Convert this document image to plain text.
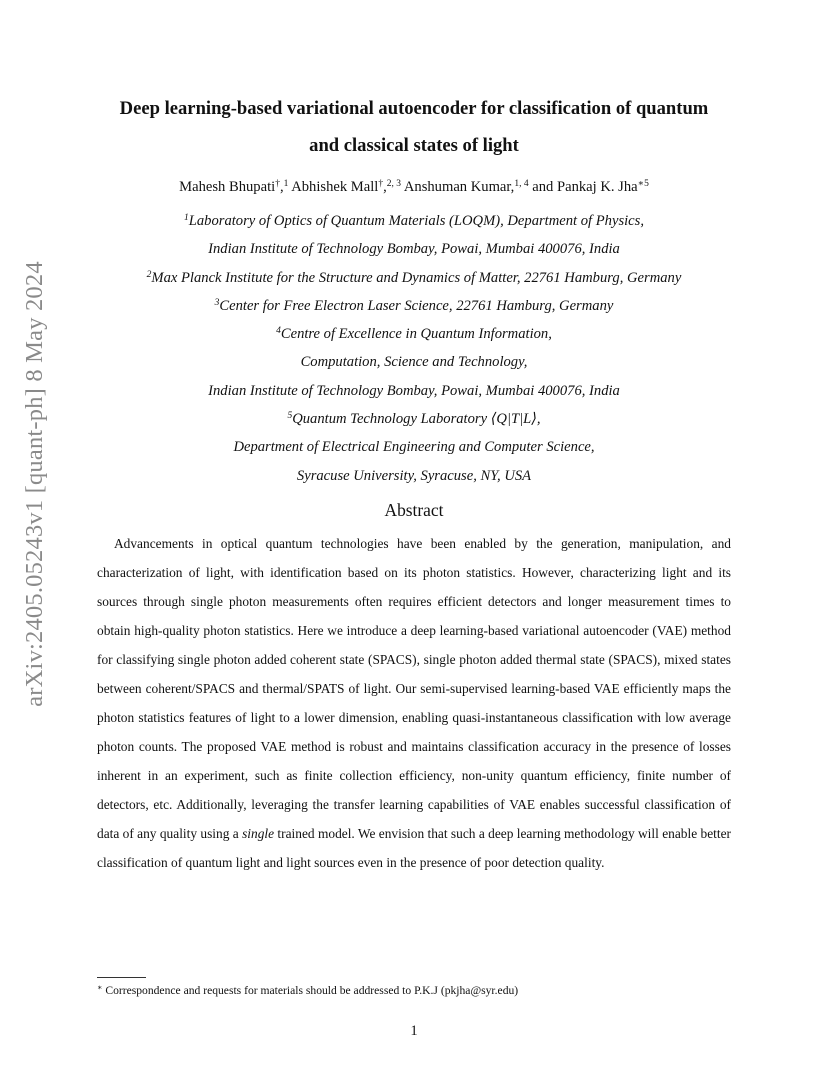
arXiv:2405.05243v1 [quant-ph] 8 May 2024
Deep learning-based variational autoencoder for classification of quantum
and classical states of light
Mahesh Bhupati†,$^1$ Abhishek Mall†,$^{2, 3}$ Anshuman Kumar,$^{1, 4}$ and Pankaj K. Jha$^{∗5}$
$^1$Laboratory of Optics of Quantum Materials (LOQM), Department of Physics,
Indian Institute of Technology Bombay, Powai, Mumbai 400076, India
$^2$Max Planck Institute for the Structure and Dynamics of Matter, 22761 Hamburg, Germany
$^3$Center for Free Electron Laser Science, 22761 Hamburg, Germany
$^4$Centre of Excellence in Quantum Information,
Computation, Science and Technology,
Indian Institute of Technology Bombay, Powai, Mumbai 400076, India
$^5$Quantum Technology Laboratory ⟨Q|T|L⟩,
Department of Electrical Engineering and Computer Science,
Syracuse University, Syracuse, NY, USA
Abstract

Advancements in optical quantum technologies have been enabled by the generation, manipulation, and characterization of light, with identification based on its photon statistics. However, characterizing light and its sources through single photon measurements often requires efficient detectors and longer measurement times to obtain high-quality photon statistics. Here we introduce a deep learning-based variational autoencoder (VAE) method for classifying single photon added coherent state (SPACS), single photon added thermal state (SPACS), mixed states between coherent/SPACS and thermal/SPATS of light. Our semi-supervised learning-based VAE efficiently maps the photon statistics features of light to a lower dimension, enabling quasi-instantaneous classification with low average photon counts. The proposed VAE method is robust and maintains classification accuracy in the presence of losses inherent in an experiment, such as finite collection efficiency, non-unity quantum efficiency, finite number of detectors, etc. Additionally, leveraging the transfer learning capabilities of VAE enables successful classification of data of any quality using a single trained model. We envision that such a deep learning methodology will enable better classification of quantum light and light sources even in the presence of poor detection quality.

∗ Correspondence and requests for materials should be addressed to P.K.J (pkjha@syr.edu)
1
